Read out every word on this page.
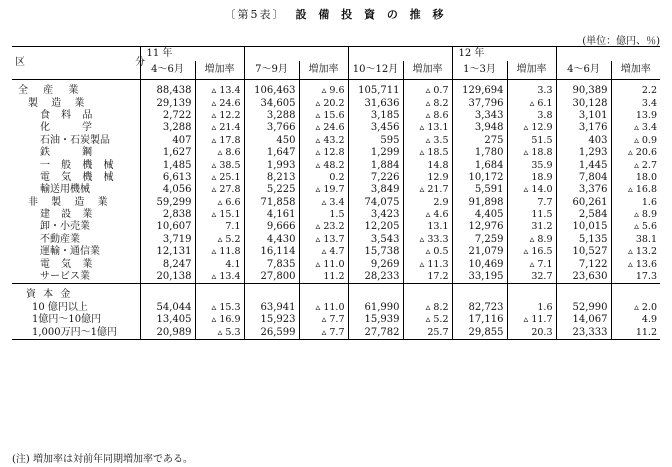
〔第5表〕 設 備 投 資 の 推 移
(単位：億円、％)
区　　分	11 年						12 年			
	4～6月	増加率	7～9月	増加率	10～12月	増加率	1～3月	増加率	4～6月	増加率
全 産 業	88,438	▵ 13.4	106,463	▵ 9.6	105,711	▵ 0.7	129,694	3.3	90,389	2.2
製 造 業	29,139	▵ 24.6	34,605	▵ 20.2	31,636	▵ 8.2	37,796	▵ 6.1	30,128	3.4
食 料 品	2,722	▵ 12.2	3,288	▵ 15.6	3,185	▵ 8.6	3,343	3.8	3,101	13.9
化　　学	3,288	▵ 21.4	3,766	▵ 24.6	3,456	▵ 13.1	3,948	▵ 12.9	3,176	▵ 3.4
石油・石炭製品	407	▵ 17.8	450	▵ 43.2	595	▵ 3.5	275	51.5	403	▵ 0.9
鉄　　鋼	1,627	▵ 8.6	1,647	▵ 12.8	1,299	▵ 18.5	1,780	▵ 18.8	1,293	▵ 20.6
一 般 機 械	1,485	▵ 38.5	1,993	▵ 48.2	1,884	14.8	1,684	35.9	1,445	▵ 2.7
電 気 機 械	6,613	▵ 25.1	8,213	0.2	7,226	12.9	10,172	18.9	7,804	18.0
輸送用機械	4,056	▵ 27.8	5,225	▵ 19.7	3,849	▵ 21.7	5,591	▵ 14.0	3,376	▵ 16.8
非 製 造 業	59,299	▵ 6.6	71,858	▵ 3.4	74,075	2.9	91,898	7.7	60,261	1.6
建 設 業	2,838	▵ 15.1	4,161	1.5	3,423	▵ 4.6	4,405	11.5	2,584	▵ 8.9
卸・小売業	10,607	7.1	9,666	▵ 23.2	12,205	13.1	12,976	31.2	10,015	▵ 5.6
不動産業	3,719	▵ 5.2	4,430	▵ 13.7	3,543	▵ 33.3	7,259	▵ 8.9	5,135	38.1
運輸・通信業	12,131	▵ 11.8	16,114	▵ 4.7	15,738	▵ 0.5	21,079	▵ 16.5	10,527	▵ 13.2
電 気 業	8,247	4.1	7,835	▵ 11.0	9,269	▵ 11.3	10,469	▵ 7.1	7,122	▵ 13.6
サービス業	20,138	▵ 13.4	27,800	11.2	28,233	17.2	33,195	32.7	23,630	17.3
資 本 金										
10 億円以上	54,044	▵ 15.3	63,941	▵ 11.0	61,990	▵ 8.2	82,723	1.6	52,990	▵ 2.0
1億円～10億円	13,405	▵ 16.9	15,923	▵ 7.7	15,939	▵ 5.2	17,116	▵ 11.7	14,067	4.9
1,000万円～1億円	20,989	▵ 5.3	26,599	▵ 7.7	27,782	25.7	29,855	20.3	23,333	11.2
(注) 増加率は対前年同期増加率である。
